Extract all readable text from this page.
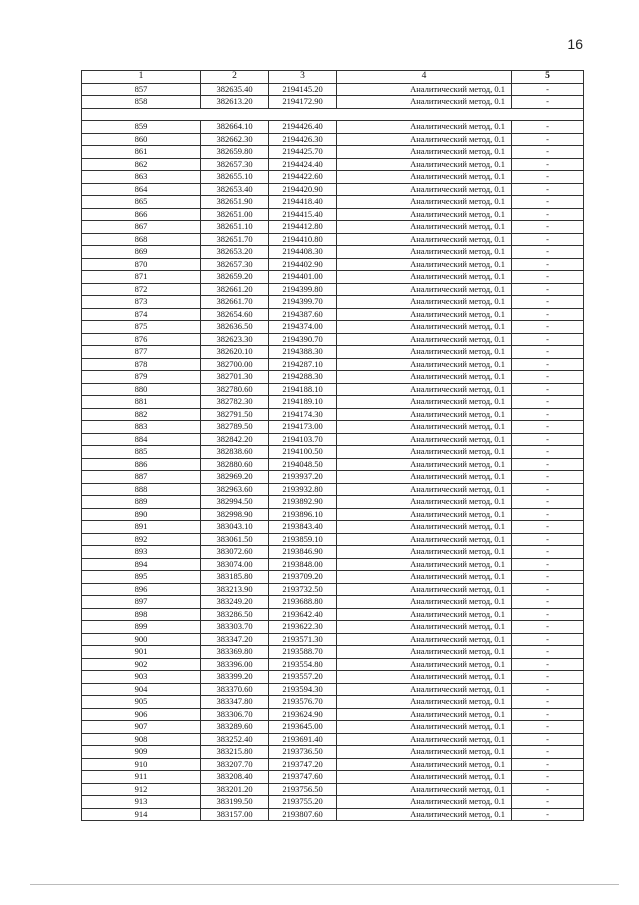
16
1	2	3	4	5
857	382635.40	2194145.20	Аналитический метод, 0.1	-
858	382613.20	2194172.90	Аналитический метод, 0.1	-

859	382664.10	2194426.40	Аналитический метод, 0.1	-
860	382662.30	2194426.30	Аналитический метод, 0.1	-
861	382659.80	2194425.70	Аналитический метод, 0.1	-
862	382657.30	2194424.40	Аналитический метод, 0.1	-
863	382655.10	2194422.60	Аналитический метод, 0.1	-
864	382653.40	2194420.90	Аналитический метод, 0.1	-
865	382651.90	2194418.40	Аналитический метод, 0.1	-
866	382651.00	2194415.40	Аналитический метод, 0.1	-
867	382651.10	2194412.80	Аналитический метод, 0.1	-
868	382651.70	2194410.80	Аналитический метод, 0.1	-
869	382653.20	2194408.30	Аналитический метод, 0.1	-
870	382657.30	2194402.90	Аналитический метод, 0.1	-
871	382659.20	2194401.00	Аналитический метод, 0.1	-
872	382661.20	2194399.80	Аналитический метод, 0.1	-
873	382661.70	2194399.70	Аналитический метод, 0.1	-
874	382654.60	2194387.60	Аналитический метод, 0.1	-
875	382636.50	2194374.00	Аналитический метод, 0.1	-
876	382623.30	2194390.70	Аналитический метод, 0.1	-
877	382620.10	2194388.30	Аналитический метод, 0.1	-
878	382700.00	2194287.10	Аналитический метод, 0.1	-
879	382701.30	2194288.30	Аналитический метод, 0.1	-
880	382780.60	2194188.10	Аналитический метод, 0.1	-
881	382782.30	2194189.10	Аналитический метод, 0.1	-
882	382791.50	2194174.30	Аналитический метод, 0.1	-
883	382789.50	2194173.00	Аналитический метод, 0.1	-
884	382842.20	2194103.70	Аналитический метод, 0.1	-
885	382838.60	2194100.50	Аналитический метод, 0.1	-
886	382880.60	2194048.50	Аналитический метод, 0.1	-
887	382969.20	2193937.20	Аналитический метод, 0.1	-
888	382963.60	2193932.80	Аналитический метод, 0.1	-
889	382994.50	2193892.90	Аналитический метод, 0.1	-
890	382998.90	2193896.10	Аналитический метод, 0.1	-
891	383043.10	2193843.40	Аналитический метод, 0.1	-
892	383061.50	2193859.10	Аналитический метод, 0.1	-
893	383072.60	2193846.90	Аналитический метод, 0.1	-
894	383074.00	2193848.00	Аналитический метод, 0.1	-
895	383185.80	2193709.20	Аналитический метод, 0.1	-
896	383213.90	2193732.50	Аналитический метод, 0.1	-
897	383249.20	2193688.80	Аналитический метод, 0.1	-
898	383286.50	2193642.40	Аналитический метод, 0.1	-
899	383303.70	2193622.30	Аналитический метод, 0.1	-
900	383347.20	2193571.30	Аналитический метод, 0.1	-
901	383369.80	2193588.70	Аналитический метод, 0.1	-
902	383396.00	2193554.80	Аналитический метод, 0.1	-
903	383399.20	2193557.20	Аналитический метод, 0.1	-
904	383370.60	2193594.30	Аналитический метод, 0.1	-
905	383347.80	2193576.70	Аналитический метод, 0.1	-
906	383306.70	2193624.90	Аналитический метод, 0.1	-
907	383289.60	2193645.00	Аналитический метод, 0.1	-
908	383252.40	2193691.40	Аналитический метод, 0.1	-
909	383215.80	2193736.50	Аналитический метод, 0.1	-
910	383207.70	2193747.20	Аналитический метод, 0.1	-
911	383208.40	2193747.60	Аналитический метод, 0.1	-
912	383201.20	2193756.50	Аналитический метод, 0.1	-
913	383199.50	2193755.20	Аналитический метод, 0.1	-
914	383157.00	2193807.60	Аналитический метод, 0.1	-
